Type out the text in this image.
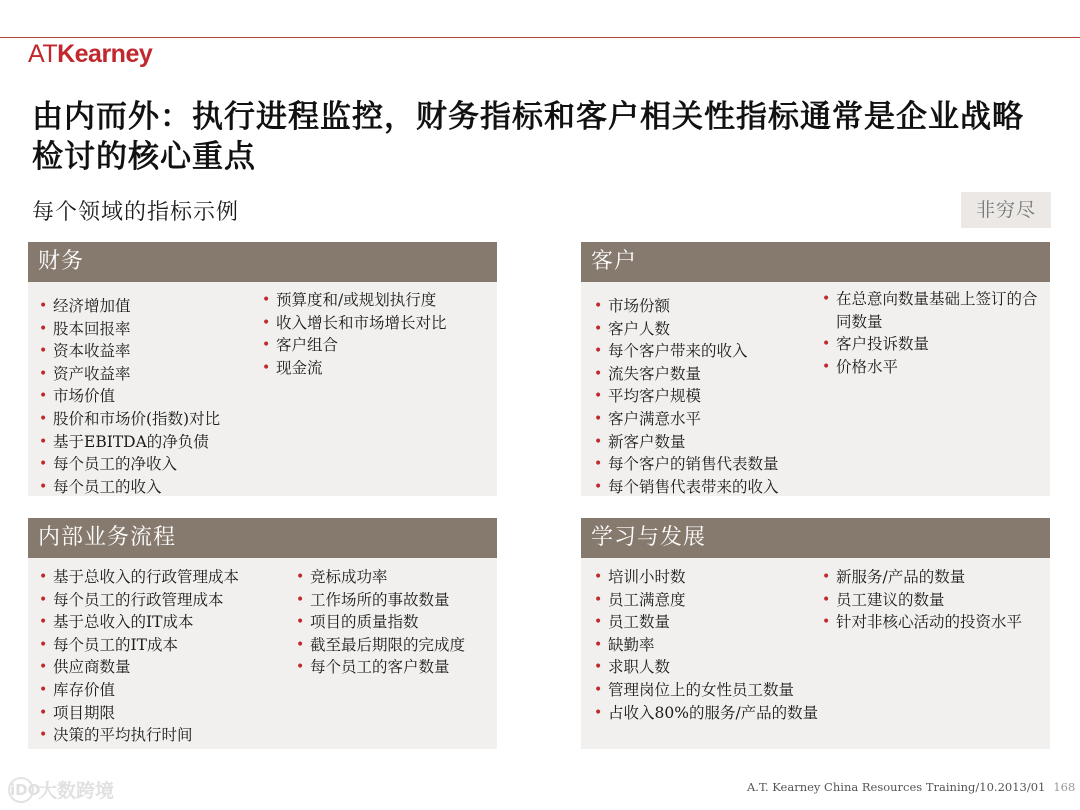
ATKearney
由内而外：执行进程监控，财务指标和客户相关性指标通常是企业战略检讨的核心重点
每个领域的指标示例	非穷尽
财务
• 经济增加值
• 股本回报率
• 资本收益率
• 资产收益率
• 市场价值
• 股价和市场价(指数)对比
• 基于EBITDA的净负债
• 每个员工的净收入
• 每个员工的收入
• 预算度和/或规划执行度
• 收入增长和市场增长对比
• 客户组合
• 现金流
客户
• 市场份额
• 客户人数
• 每个客户带来的收入
• 流失客户数量
• 平均客户规模
• 客户满意水平
• 新客户数量
• 每个客户的销售代表数量
• 每个销售代表带来的收入
• 在总意向数量基础上签订的合同数量
• 客户投诉数量
• 价格水平
内部业务流程
• 基于总收入的行政管理成本
• 每个员工的行政管理成本
• 基于总收入的IT成本
• 每个员工的IT成本
• 供应商数量
• 库存价值
• 项目期限
• 决策的平均执行时间
• 竞标成功率
• 工作场所的事故数量
• 项目的质量指数
• 截至最后期限的完成度
• 每个员工的客户数量
学习与发展
• 培训小时数
• 员工满意度
• 员工数量
• 缺勤率
• 求职人数
• 管理岗位上的女性员工数量
• 占收入80%的服务/产品的数量
• 新服务/产品的数量
• 员工建议的数量
• 针对非核心活动的投资水平
iDO
大数跨境	A.T. Kearney China Resources Training/10.2013/01 168
